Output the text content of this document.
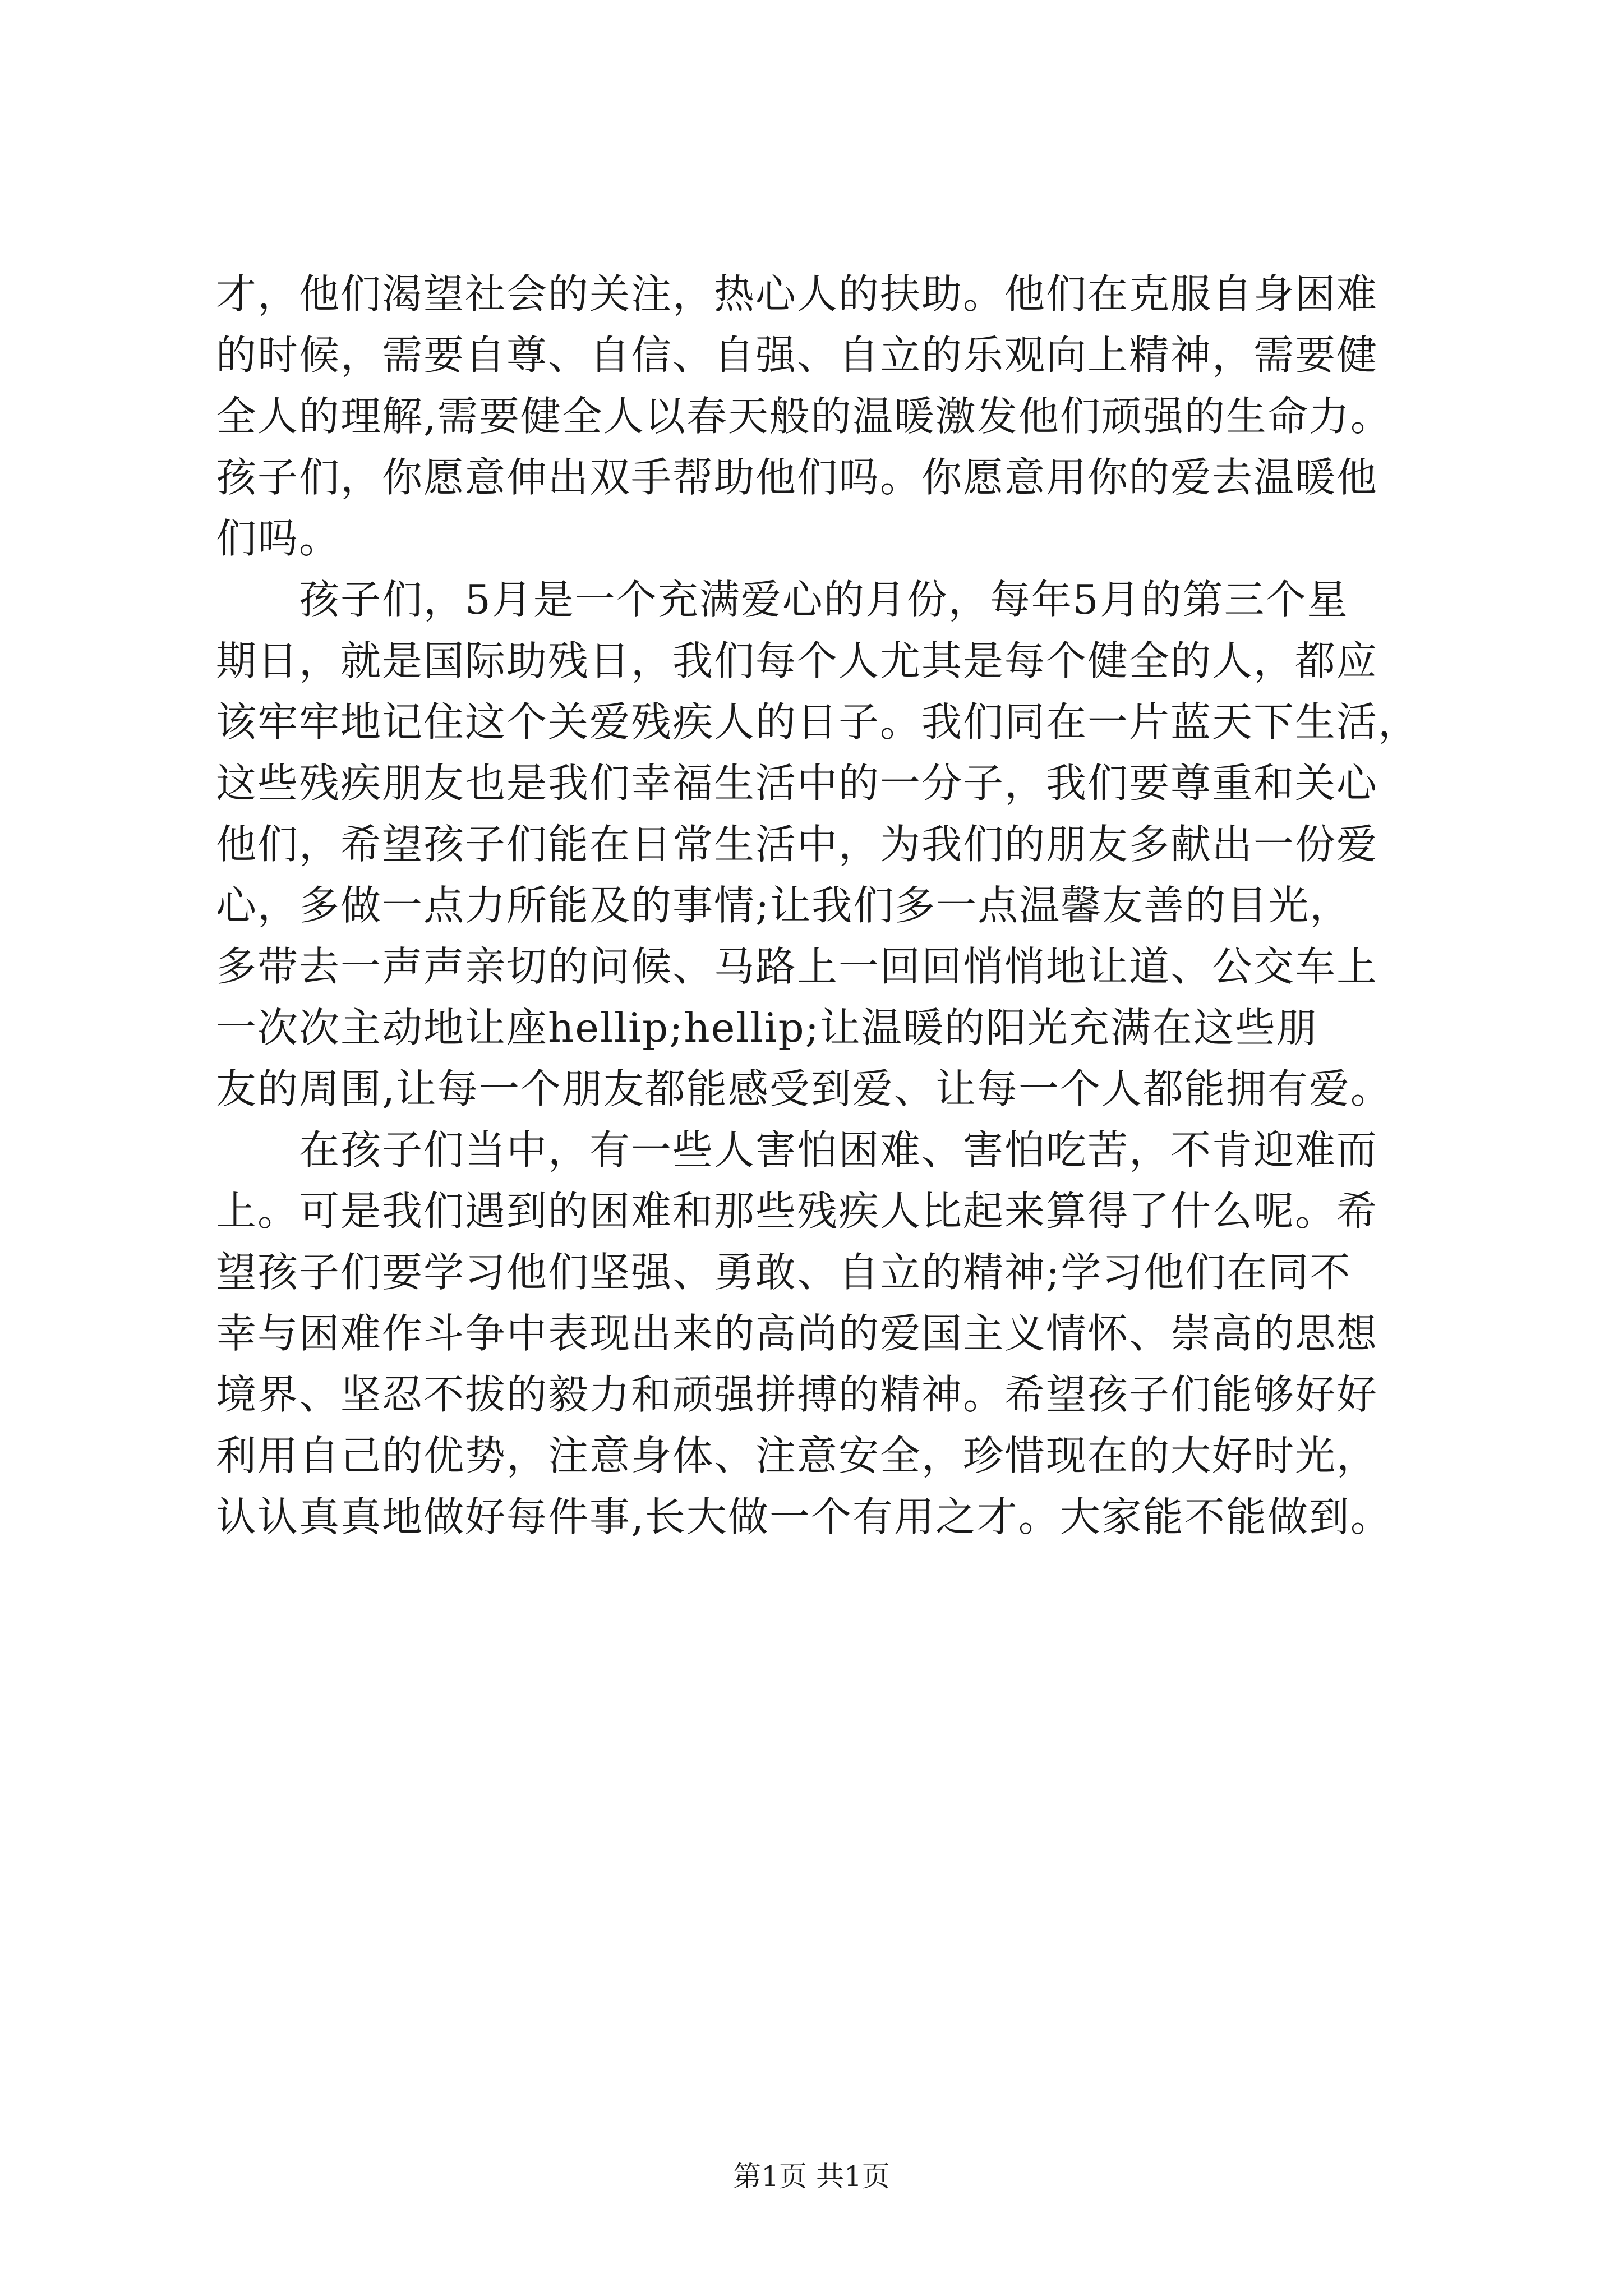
才，他们渴望社会的关注，热心人的扶助。他们在克服自身困难
的时候，需要自尊、自信、自强、自立的乐观向上精神，需要健
全人的理解,需要健全人以春天般的温暖激发他们顽强的生命力。
孩子们，你愿意伸出双手帮助他们吗。你愿意用你的爱去温暖他
们吗。
　　孩子们，5月是一个充满爱心的月份，每年5月的第三个星
期日，就是国际助残日，我们每个人尤其是每个健全的人，都应
该牢牢地记住这个关爱残疾人的日子。我们同在一片蓝天下生活，
这些残疾朋友也是我们幸福生活中的一分子，我们要尊重和关心
他们，希望孩子们能在日常生活中，为我们的朋友多献出一份爱
心，多做一点力所能及的事情;让我们多一点温馨友善的目光，
多带去一声声亲切的问候、马路上一回回悄悄地让道、公交车上
一次次主动地让座hellip;hellip;让温暖的阳光充满在这些朋
友的周围,让每一个朋友都能感受到爱、让每一个人都能拥有爱。
　　在孩子们当中，有一些人害怕困难、害怕吃苦，不肯迎难而
上。可是我们遇到的困难和那些残疾人比起来算得了什么呢。希
望孩子们要学习他们坚强、勇敢、自立的精神;学习他们在同不
幸与困难作斗争中表现出来的高尚的爱国主义情怀、崇高的思想
境界、坚忍不拔的毅力和顽强拼搏的精神。希望孩子们能够好好
利用自己的优势，注意身体、注意安全，珍惜现在的大好时光，
认认真真地做好每件事,长大做一个有用之才。大家能不能做到。
第1页 共1页
